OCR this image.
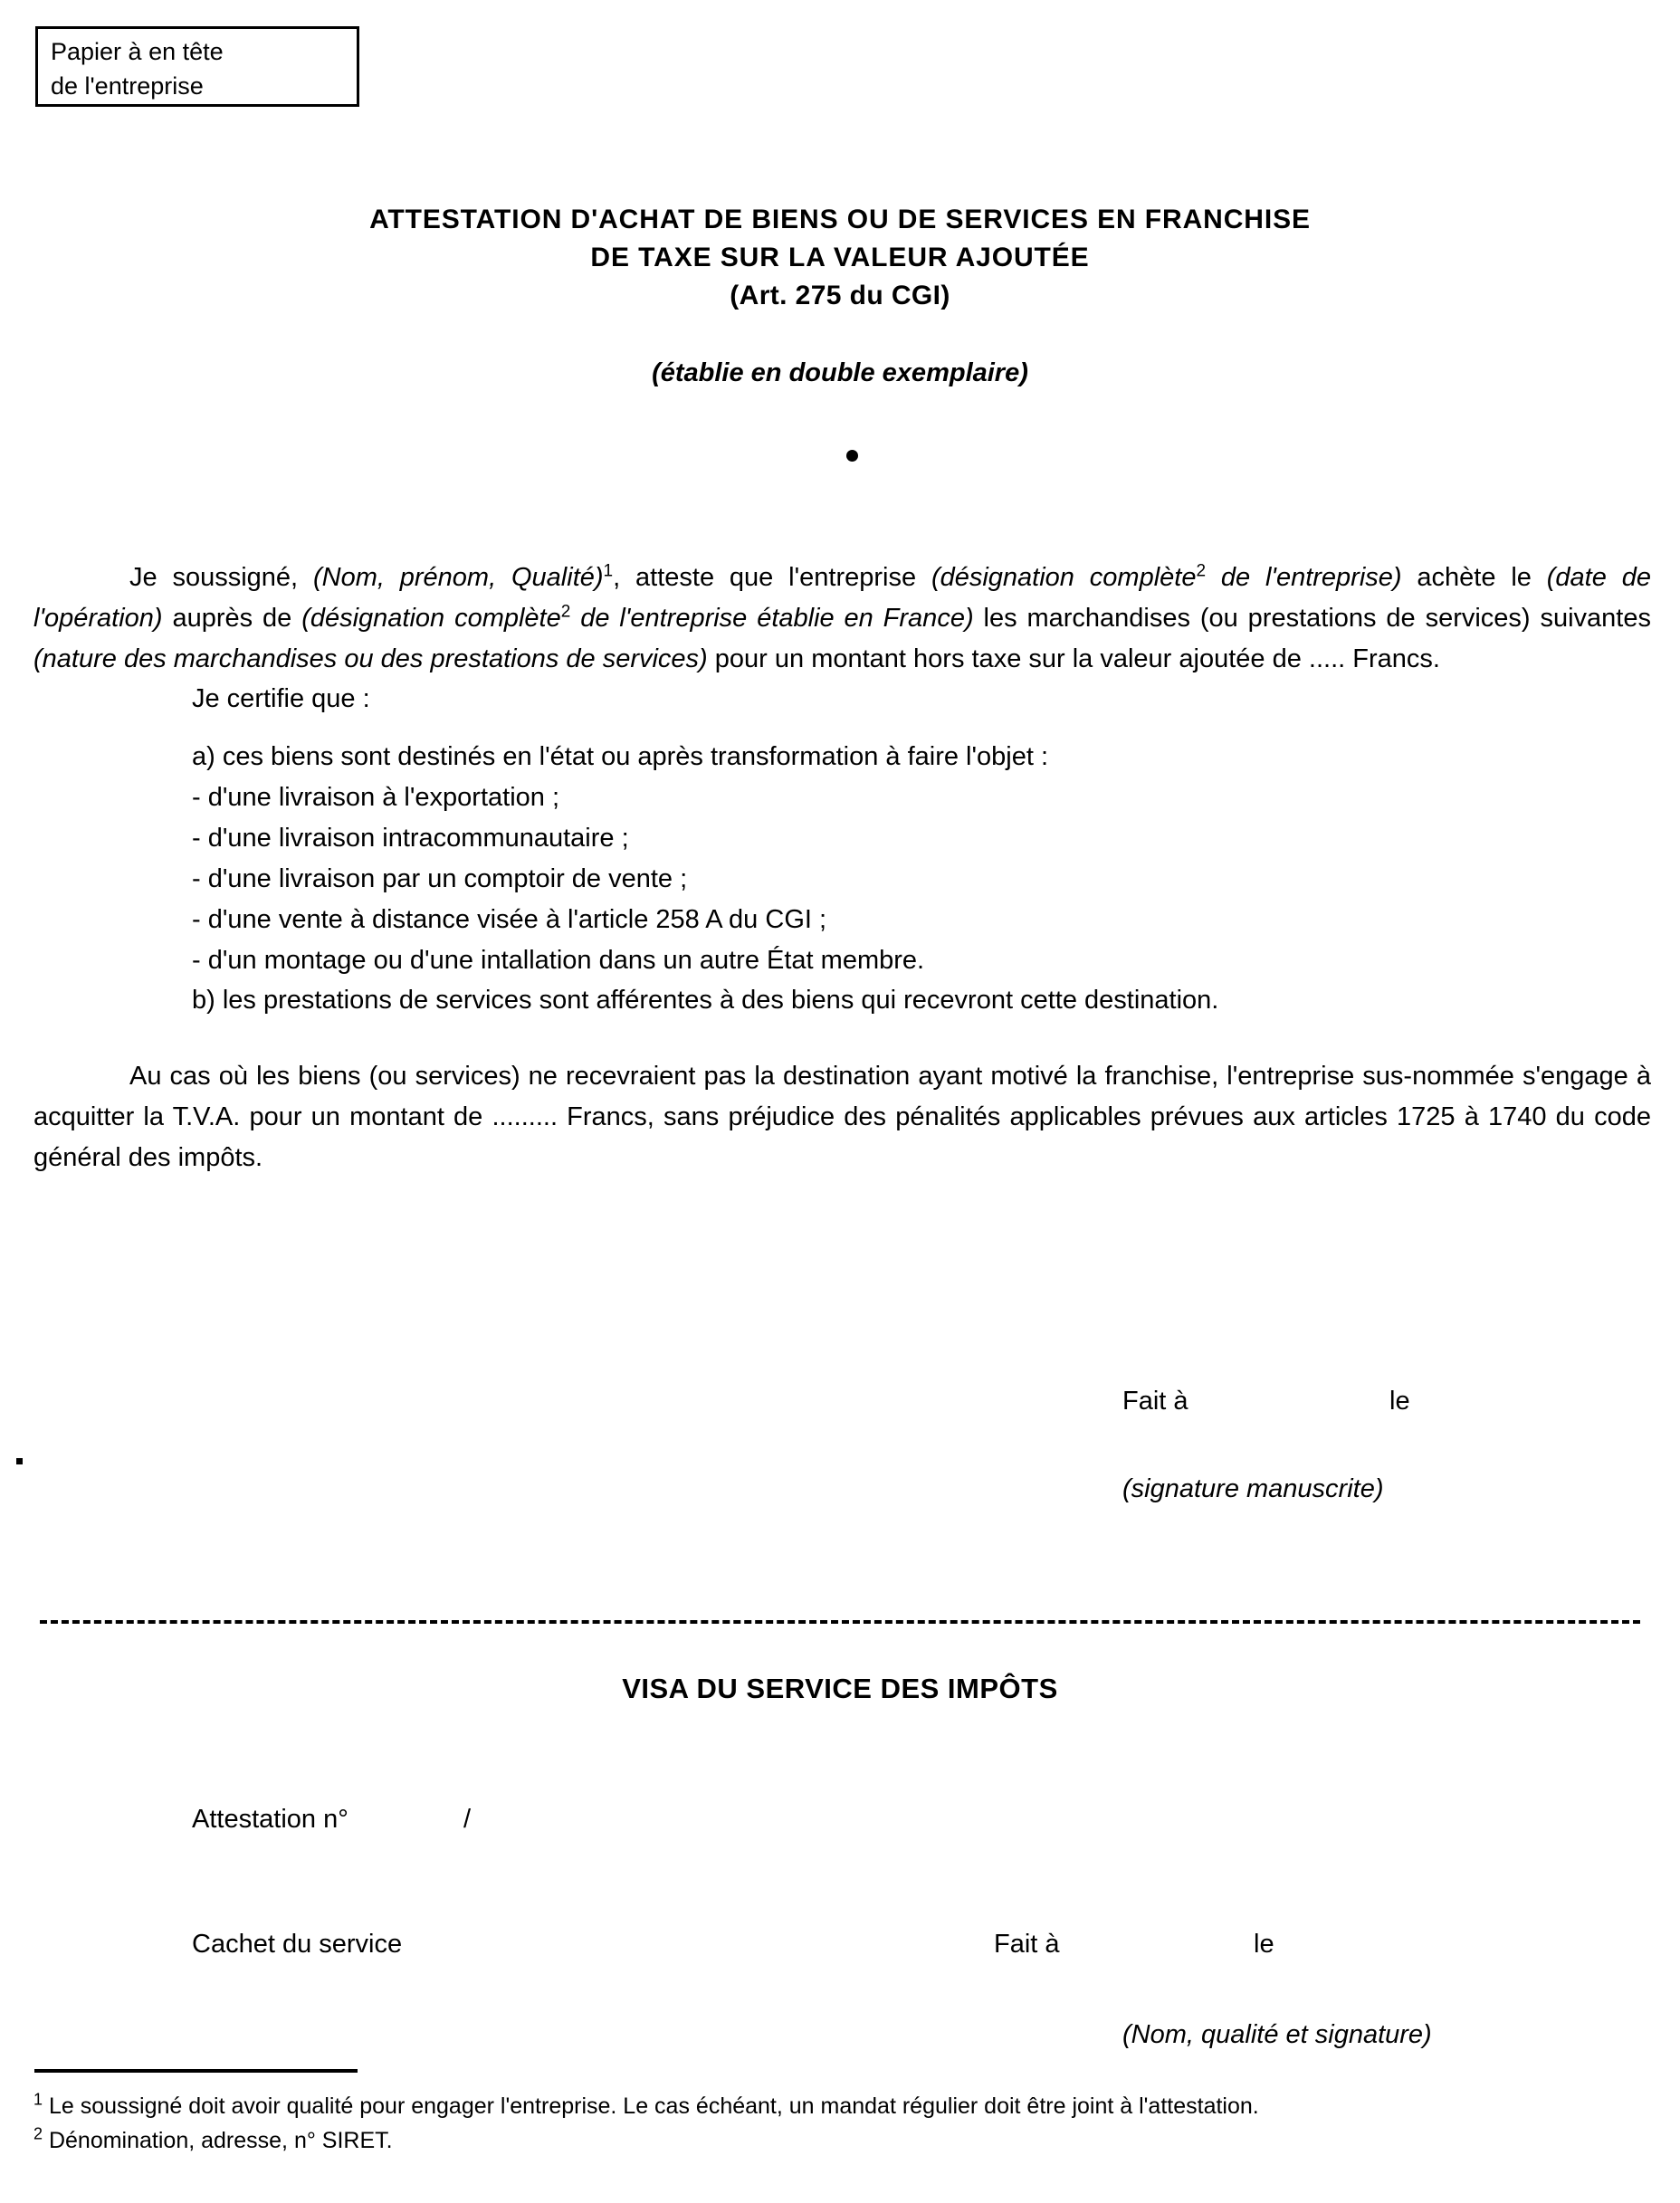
Papier à en tête
de l'entreprise
ATTESTATION D'ACHAT DE BIENS OU DE SERVICES EN FRANCHISE
DE TAXE SUR LA VALEUR AJOUTÉE
(Art. 275 du CGI)
(établie en double exemplaire)
Je soussigné, (Nom, prénom, Qualité)$^1$, atteste que l'entreprise (désignation complète$^2$ de l'entreprise) achète le (date de l'opération) auprès de (désignation complète$^2$ de l'entreprise établie en France) les marchandises (ou prestations de services) suivantes (nature des marchandises ou des prestations de services) pour un montant hors taxe sur la valeur ajoutée de ..... Francs.
Je certifie que :
a) ces biens sont destinés en l'état ou après transformation à faire l'objet :
- d'une livraison à l'exportation ;
- d'une livraison intracommunautaire ;
- d'une livraison par un comptoir de vente ;
- d'une vente à distance visée à l'article 258 A du CGI ;
- d'un montage ou d'une intallation dans un autre État membre.
b) les prestations de services sont afférentes à des biens qui recevront cette destination.
Au cas où les biens (ou services) ne recevraient pas la destination ayant motivé la franchise, l'entreprise sus-nommée s'engage à acquitter la T.V.A. pour un montant de ......... Francs, sans préjudice des pénalités applicables prévues aux articles 1725 à 1740 du code général des impôts.
Fait à	le
(signature manuscrite)
VISA DU SERVICE DES IMPÔTS
Attestation n°	/
Cachet du service	Fait à	le
(Nom, qualité et signature)
$^1$ Le soussigné doit avoir qualité pour engager l'entreprise. Le cas échéant, un mandat régulier doit être joint à l'attestation.
$^2$ Dénomination, adresse, n° SIRET.
